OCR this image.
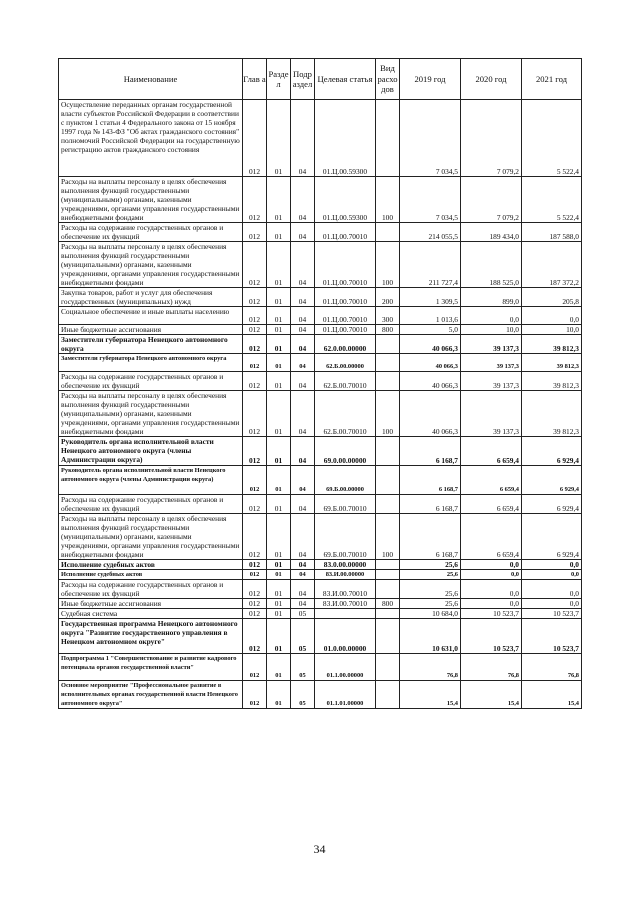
Наименование	Глав а	Разде л	Подр аздел	Целевая статья	Вид расхо дов	2019 год	2020 год	2021 год
Осуществление переданных органам государственной власти субъектов Российской Федерации в соответствии с пунктом 1 статьи 4 Федерального закона от 15 ноября 1997 года № 143-ФЗ "Об актах гражданского состояния" полномочий Российской Федерации на государственную регистрацию актов гражданского состояния	012	01	04	01.Ц.00.59300		7 034,5	7 079,2	5 522,4
Расходы на выплаты персоналу в целях обеспечения выполнения функций государственными (муниципальными) органами, казенными учреждениями, органами управления государственными внебюджетными фондами	012	01	04	01.Ц.00.59300	100	7 034,5	7 079,2	5 522,4
Расходы на содержание государственных органов и обеспечение их функций	012	01	04	01.Ц.00.70010		214 055,5	189 434,0	187 588,0
Расходы на выплаты персоналу в целях обеспечения выполнения функций государственными (муниципальными) органами, казенными учреждениями, органами управления государственными внебюджетными фондами	012	01	04	01.Ц.00.70010	100	211 727,4	188 525,0	187 372,2
Закупка товаров, работ и услуг для обеспечения государственных (муниципальных) нужд	012	01	04	01.Ц.00.70010	200	1 309,5	899,0	205,8
Социальное обеспечение и иные выплаты населению	012	01	04	01.Ц.00.70010	300	1 013,6	0,0	0,0
Иные бюджетные ассигнования	012	01	04	01.Ц.00.70010	800	5,0	10,0	10,0
Заместители губернатора Ненецкого автономного округа	012	01	04	62.0.00.00000		40 066,3	39 137,3	39 812,3
Заместители губернатора Ненецкого автономного округа	012	01	04	62.Б.00.00000		40 066,3	39 137,3	39 812,3
Расходы на содержание государственных органов и обеспечение их функций	012	01	04	62.Б.00.70010		40 066,3	39 137,3	39 812,3
Расходы на выплаты персоналу в целях обеспечения выполнения функций государственными (муниципальными) органами, казенными учреждениями, органами управления государственными внебюджетными фондами	012	01	04	62.Б.00.70010	100	40 066,3	39 137,3	39 812,3
Руководитель органа исполнительной власти Ненецкого автономного округа (члены Администрации округа)	012	01	04	69.0.00.00000		6 168,7	6 659,4	6 929,4
Руководитель органа исполнительной власти Ненецкого автономного округа (члены Администрации округа)	012	01	04	69.Б.00.00000		6 168,7	6 659,4	6 929,4
Расходы на содержание государственных органов и обеспечение их функций	012	01	04	69.Б.00.70010		6 168,7	6 659,4	6 929,4
Расходы на выплаты персоналу в целях обеспечения выполнения функций государственными (муниципальными) органами, казенными учреждениями, органами управления государственными внебюджетными фондами	012	01	04	69.Б.00.70010	100	6 168,7	6 659,4	6 929,4
Исполнение судебных актов	012	01	04	83.0.00.00000		25,6	0,0	0,0
Исполнение судебных актов	012	01	04	83.И.00.00000		25,6	0,0	0,0
Расходы на содержание государственных органов и обеспечение их функций	012	01	04	83.И.00.70010		25,6	0,0	0,0
Иные бюджетные ассигнования	012	01	04	83.И.00.70010	800	25,6	0,0	0,0
Судебная система	012	01	05			10 684,0	10 523,7	10 523,7
Государственная программа Ненецкого автономного округа "Развитие государственного управления в Ненецком автономном округе"	012	01	05	01.0.00.00000		10 631,0	10 523,7	10 523,7
Подпрограмма 1 "Совершенствование и развитие кадрового потенциала органов государственной власти"	012	01	05	01.1.00.00000		76,8	76,8	76,8
Основное мероприятие "Профессиональное развитие в исполнительных органах государственной власти Ненецкого автономного округа"	012	01	05	01.1.01.00000		15,4	15,4	15,4
34
